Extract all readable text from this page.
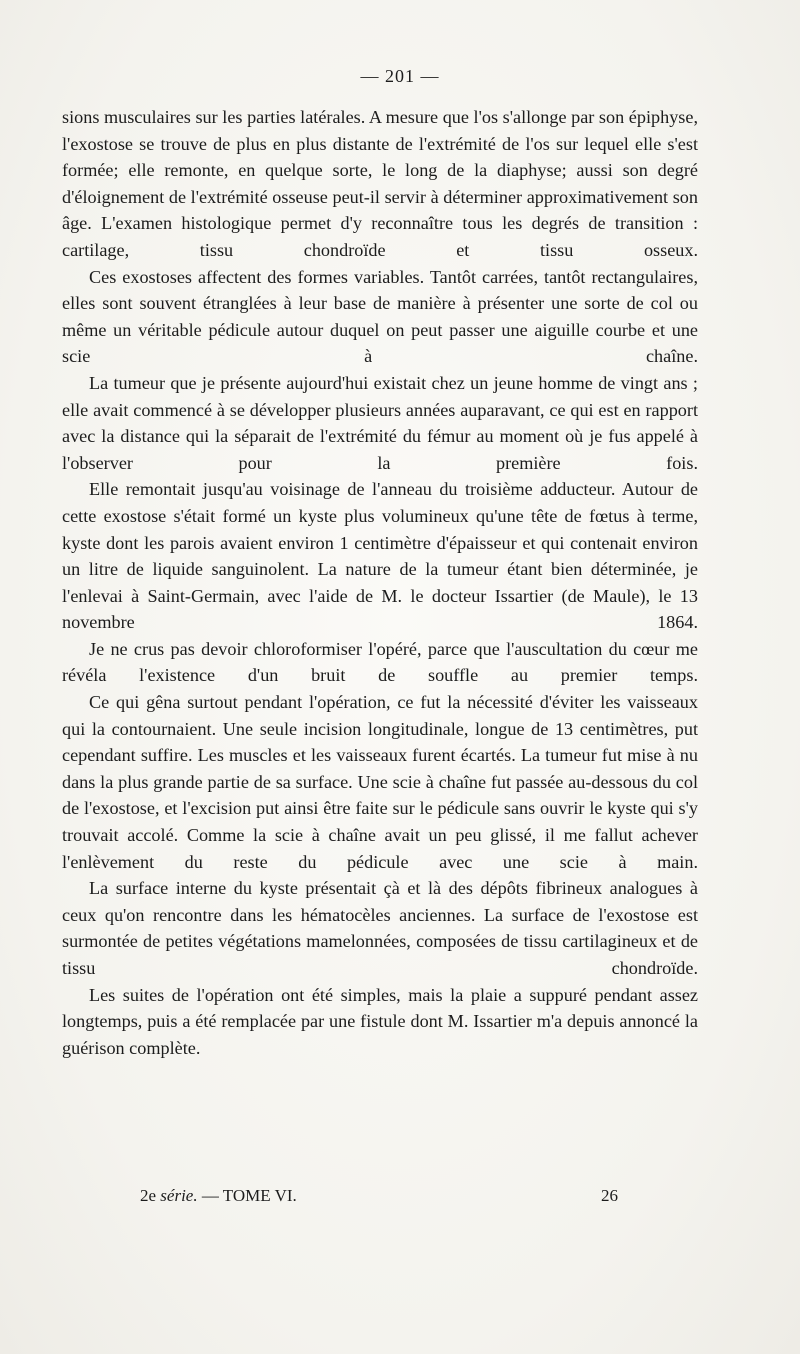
— 201 —

sions musculaires sur les parties latérales. A mesure que l'os s'allonge par son épiphyse, l'exostose se trouve de plus en plus distante de l'extrémité de l'os sur lequel elle s'est formée; elle remonte, en quelque sorte, le long de la diaphyse; aussi son degré d'éloignement de l'extrémité osseuse peut-il servir à déterminer approximativement son âge. L'examen histologique permet d'y reconnaître tous les degrés de transition : cartilage, tissu chondroïde et tissu osseux.

Ces exostoses affectent des formes variables. Tantôt carrées, tantôt rectangulaires, elles sont souvent étranglées à leur base de manière à présenter une sorte de col ou même un véritable pédicule autour duquel on peut passer une aiguille courbe et une scie à chaîne.

La tumeur que je présente aujourd'hui existait chez un jeune homme de vingt ans ; elle avait commencé à se développer plusieurs années auparavant, ce qui est en rapport avec la distance qui la séparait de l'extrémité du fémur au moment où je fus appelé à l'observer pour la première fois.

Elle remontait jusqu'au voisinage de l'anneau du troisième adducteur. Autour de cette exostose s'était formé un kyste plus volumineux qu'une tête de fœtus à terme, kyste dont les parois avaient environ 1 centimètre d'épaisseur et qui contenait environ un litre de liquide sanguinolent. La nature de la tumeur étant bien déterminée, je l'enlevai à Saint-Germain, avec l'aide de M. le docteur Issartier (de Maule), le 13 novembre 1864.

Je ne crus pas devoir chloroformiser l'opéré, parce que l'auscultation du cœur me révéla l'existence d'un bruit de souffle au premier temps.

Ce qui gêna surtout pendant l'opération, ce fut la nécessité d'éviter les vaisseaux qui la contournaient. Une seule incision longitudinale, longue de 13 centimètres, put cependant suffire. Les muscles et les vaisseaux furent écartés. La tumeur fut mise à nu dans la plus grande partie de sa surface. Une scie à chaîne fut passée au-dessous du col de l'exostose, et l'excision put ainsi être faite sur le pédicule sans ouvrir le kyste qui s'y trouvait accolé. Comme la scie à chaîne avait un peu glissé, il me fallut achever l'enlèvement du reste du pédicule avec une scie à main.

La surface interne du kyste présentait çà et là des dépôts fibrineux analogues à ceux qu'on rencontre dans les hématocèles anciennes. La surface de l'exostose est surmontée de petites végétations mamelonnées, composées de tissu cartilagineux et de tissu chondroïde.

Les suites de l'opération ont été simples, mais la plaie a suppuré pendant assez longtemps, puis a été remplacée par une fistule dont M. Issartier m'a depuis annoncé la guérison complète.

2e série. — TOME VI.	26
